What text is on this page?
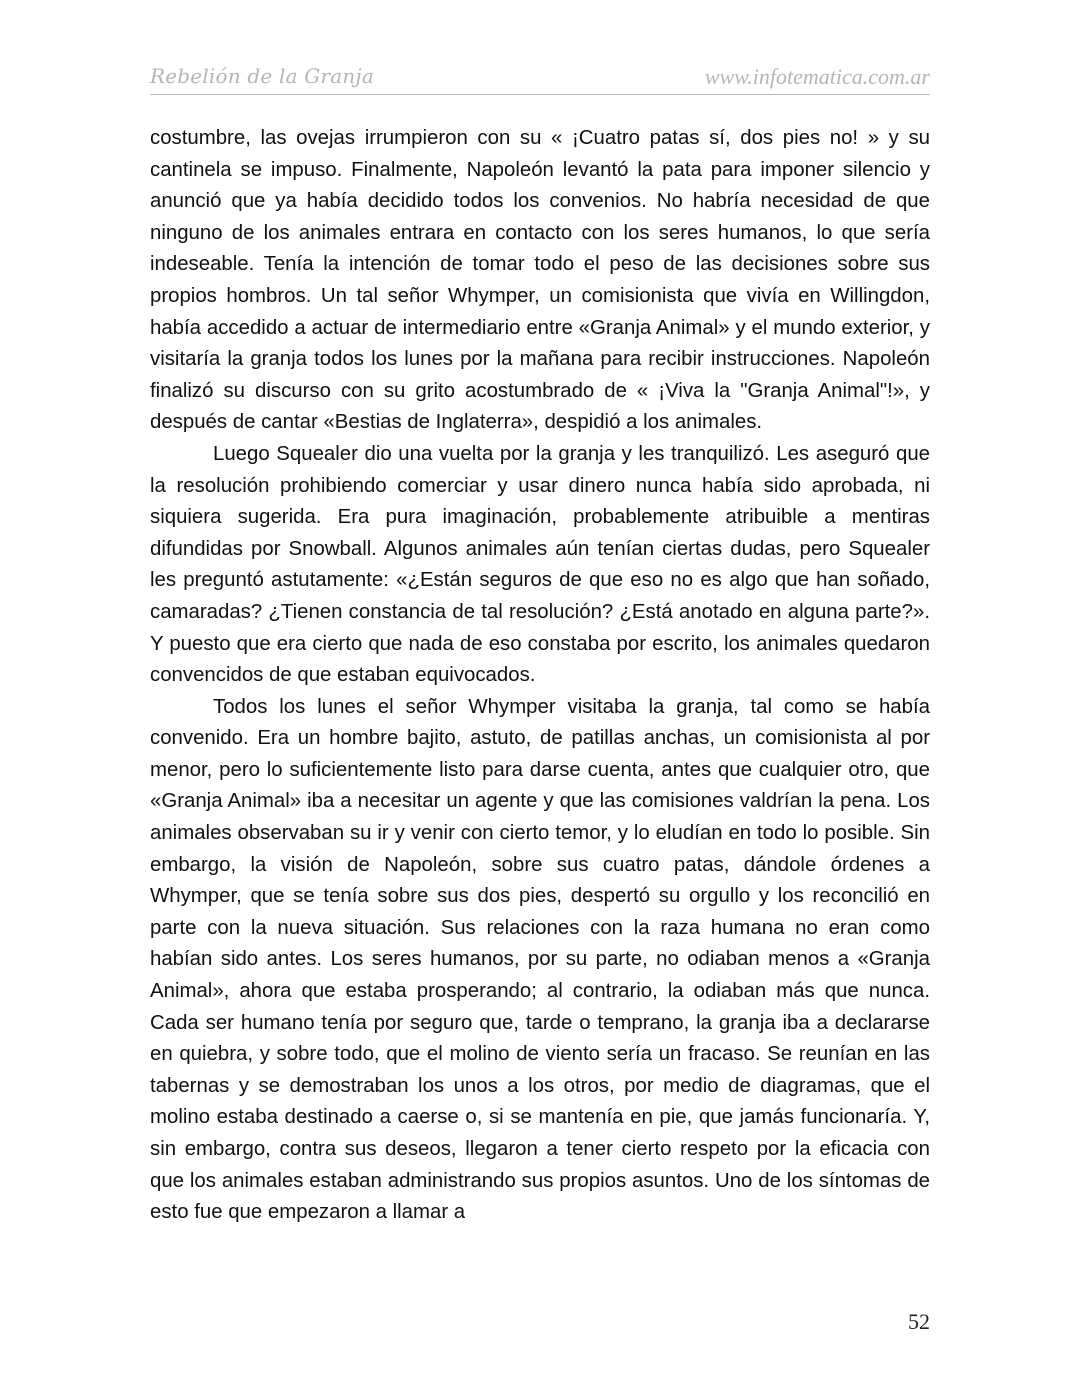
Rebelión de la Granja	www.infotematica.com.ar

costumbre, las ovejas irrumpieron con su « ¡Cuatro patas sí, dos pies no! » y su cantinela se impuso. Finalmente, Napoleón levantó la pata para imponer silencio y anunció que ya había decidido todos los convenios. No habría necesidad de que ninguno de los animales entrara en contacto con los seres humanos, lo que sería indeseable. Tenía la intención de tomar todo el peso de las decisiones sobre sus propios hombros. Un tal señor Whymper, un comisionista que vivía en Willingdon, había accedido a actuar de intermediario entre «Granja Animal» y el mundo exterior, y visitaría la granja todos los lunes por la mañana para recibir instrucciones. Napoleón finalizó su discurso con su grito acostumbrado de « ¡Viva la "Granja Animal"!», y después de cantar «Bestias de Inglaterra», despidió a los animales.

Luego Squealer dio una vuelta por la granja y les tranquilizó. Les aseguró que la resolución prohibiendo comerciar y usar dinero nunca había sido aprobada, ni siquiera sugerida. Era pura imaginación, probablemente atribuible a mentiras difundidas por Snowball. Algunos animales aún tenían ciertas dudas, pero Squealer les preguntó astutamente: «¿Están seguros de que eso no es algo que han soñado, camaradas? ¿Tienen constancia de tal resolución? ¿Está anotado en alguna parte?». Y puesto que era cierto que nada de eso constaba por escrito, los animales quedaron convencidos de que estaban equivocados.

Todos los lunes el señor Whymper visitaba la granja, tal como se había convenido. Era un hombre bajito, astuto, de patillas anchas, un comisionista al por menor, pero lo suficientemente listo para darse cuenta, antes que cualquier otro, que «Granja Animal» iba a necesitar un agente y que las comisiones valdrían la pena. Los animales observaban su ir y venir con cierto temor, y lo eludían en todo lo posible. Sin embargo, la visión de Napoleón, sobre sus cuatro patas, dándole órdenes a Whymper, que se tenía sobre sus dos pies, despertó su orgullo y los reconcilió en parte con la nueva situación. Sus relaciones con la raza humana no eran como habían sido antes. Los seres humanos, por su parte, no odiaban menos a «Granja Animal», ahora que estaba prosperando; al contrario, la odiaban más que nunca. Cada ser humano tenía por seguro que, tarde o temprano, la granja iba a declararse en quiebra, y sobre todo, que el molino de viento sería un fracaso. Se reunían en las tabernas y se demostraban los unos a los otros, por medio de diagramas, que el molino estaba destinado a caerse o, si se mantenía en pie, que jamás funcionaría. Y, sin embargo, contra sus deseos, llegaron a tener cierto respeto por la eficacia con que los animales estaban administrando sus propios asuntos. Uno de los síntomas de esto fue que empezaron a llamar a

52
